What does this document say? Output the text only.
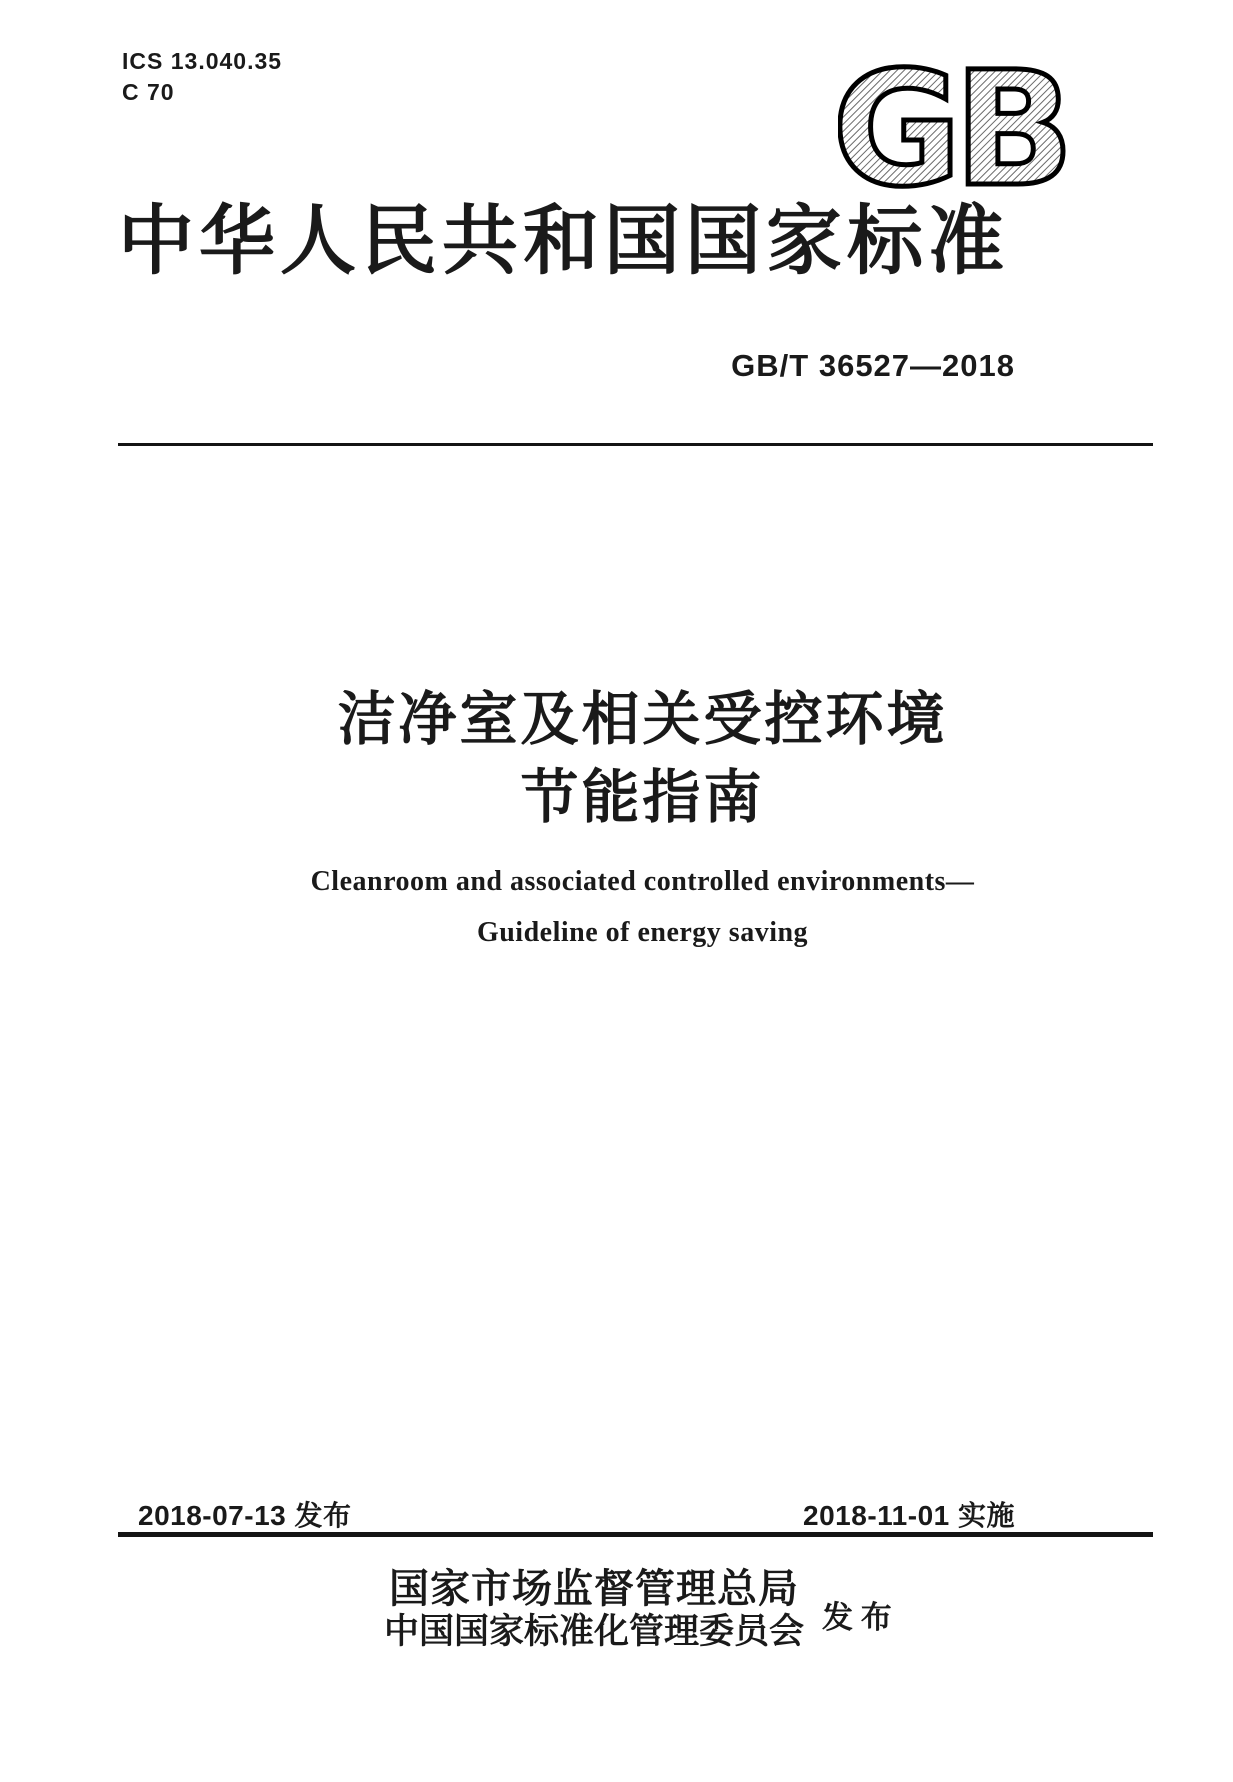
ICS 13.040.35
C 70	GB
中华人民共和国国家标准
GB/T 36527—2018
洁净室及相关受控环境
节能指南
Cleanroom and associated controlled environments—
Guideline of energy saving
2018-07-13 发布	2018-11-01 实施
国家市场监督管理总局
中国国家标准化管理委员会 发 布
